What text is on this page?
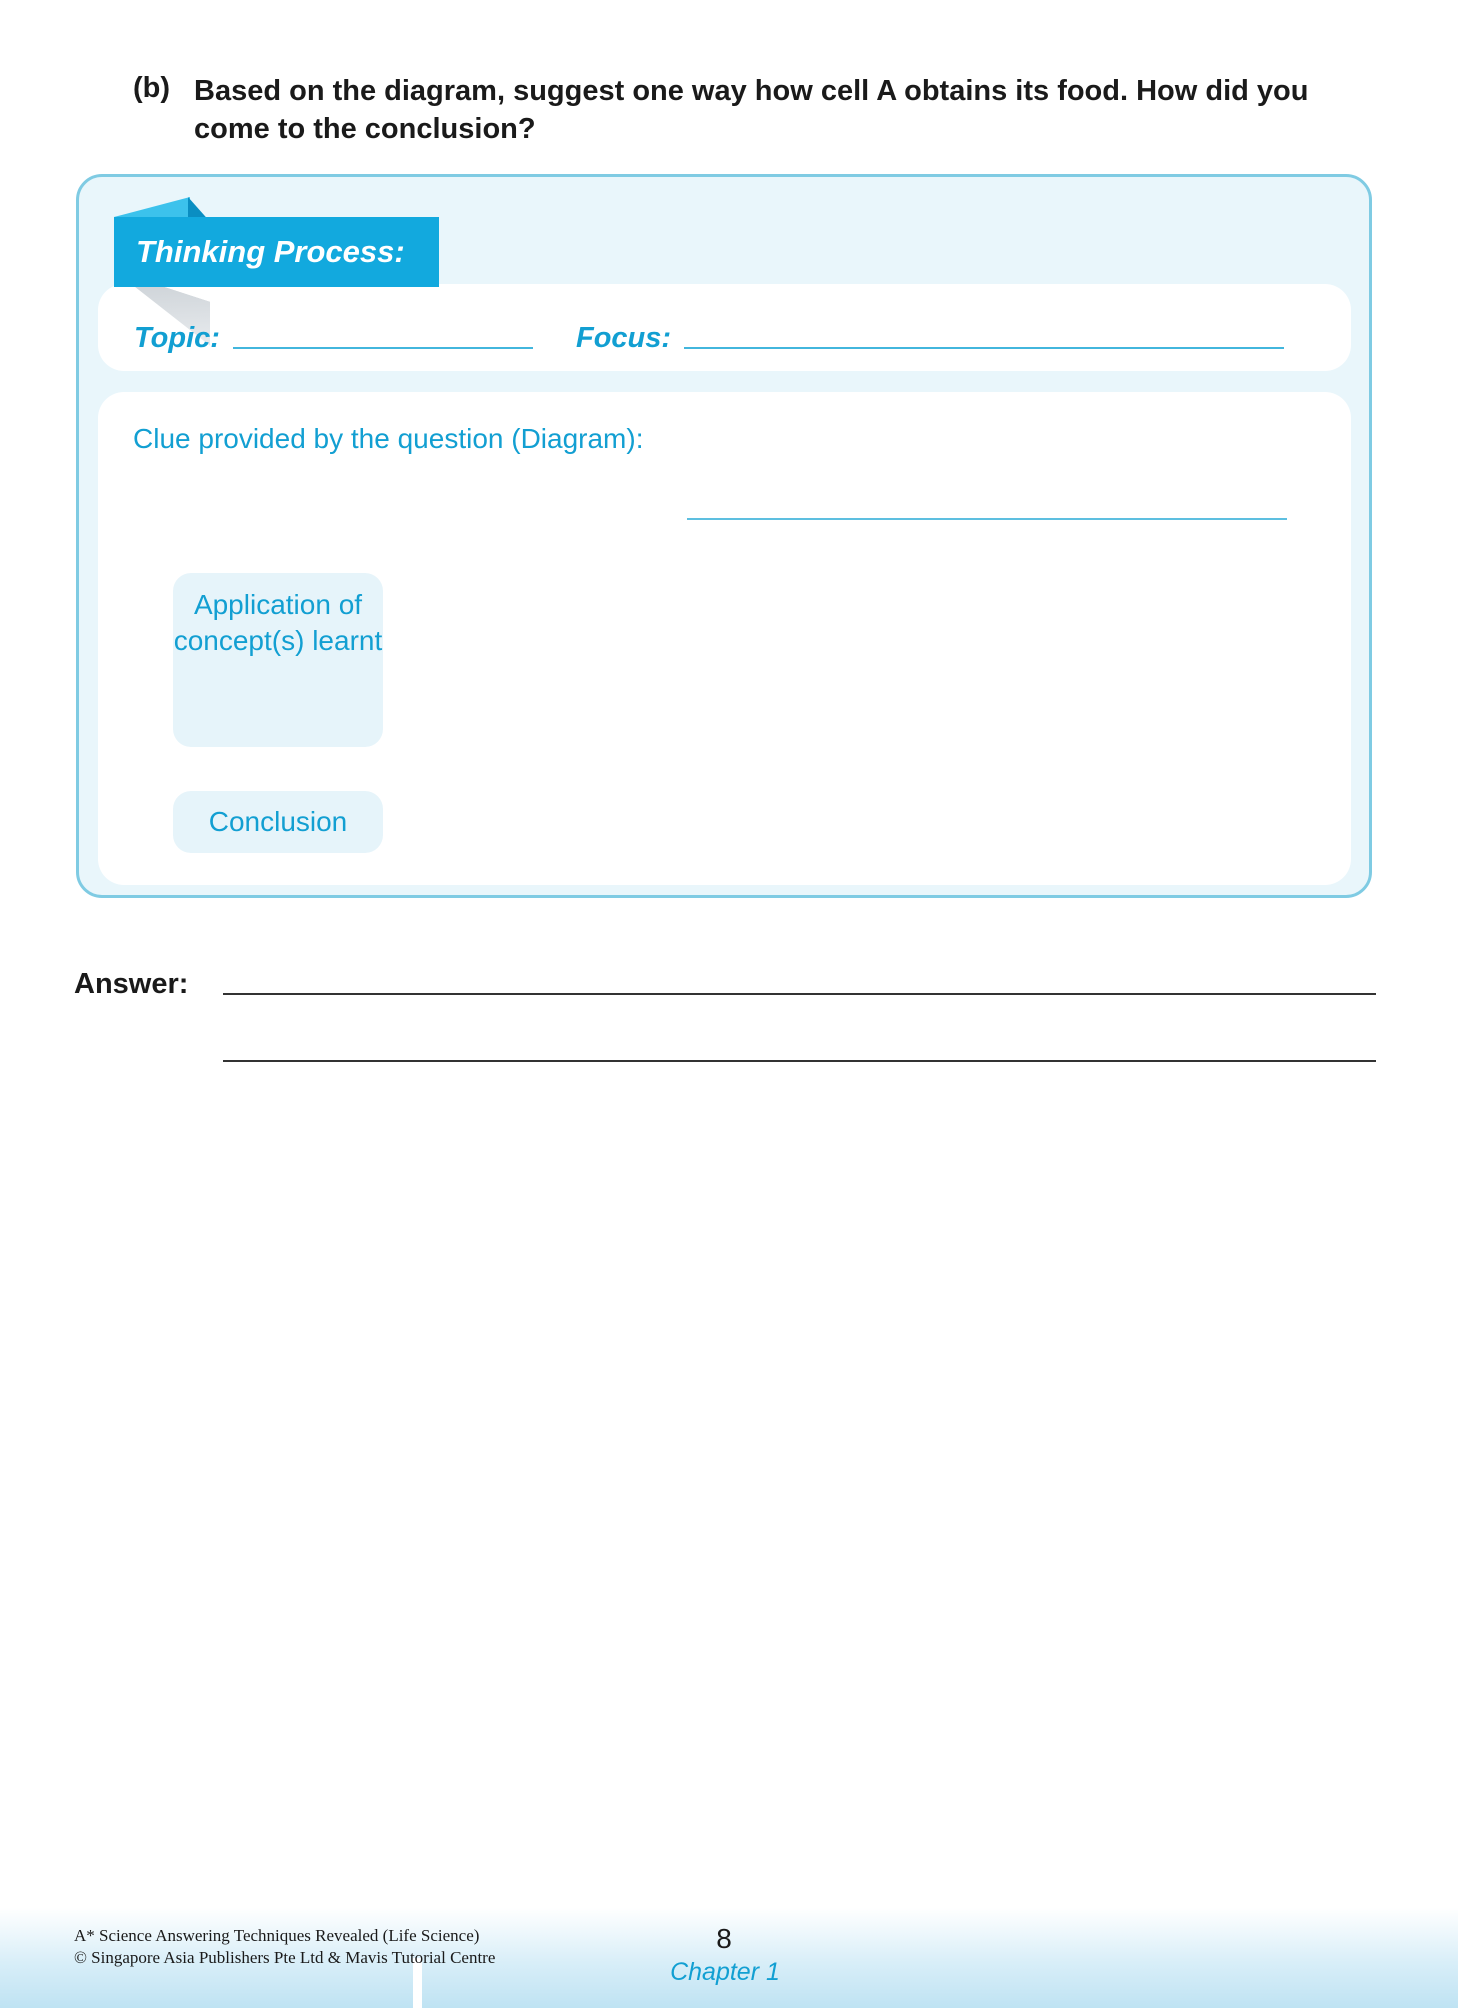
(b) Based on the diagram, suggest one way how cell A obtains its food. How did you come to the conclusion?
Thinking Process:
Topic:	Focus:
Clue provided by the question (Diagram):
Application of concept(s) learnt
Conclusion
Answer:
A* Science Answering Techniques Revealed (Life Science)
© Singapore Asia Publishers Pte Ltd & Mavis Tutorial Centre
8
Chapter 1
